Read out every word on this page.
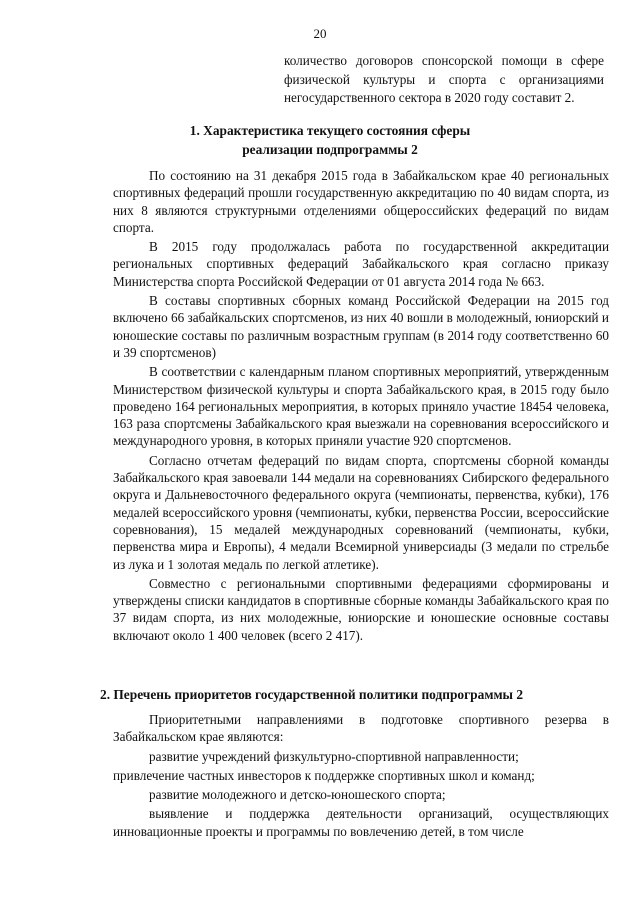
20

количество договоров спонсорской помощи в сфере физической культуры и спорта с организациями негосударственного сектора в 2020 году составит 2.

1. Характеристика текущего состояния сферы
реализации подпрограммы 2

По состоянию на 31 декабря 2015 года в Забайкальском крае 40 региональных спортивных федераций прошли государственную аккредитацию по 40 видам спорта, из них 8 являются структурными отделениями общероссийских федераций по видам спорта.

В 2015 году продолжалась работа по государственной аккредитации региональных спортивных федераций Забайкальского края согласно приказу Министерства спорта Российской Федерации от 01 августа 2014 года № 663.

В составы спортивных сборных команд Российской Федерации на 2015 год включено 66 забайкальских спортсменов, из них 40 вошли в молодежный, юниорский и юношеские составы по различным возрастным группам (в 2014 году соответственно 60 и 39 спортсменов)

В соответствии с календарным планом спортивных мероприятий, утвержденным Министерством физической культуры и спорта Забайкальского края, в 2015 году было проведено 164 региональных мероприятия, в которых приняло участие 18454 человека, 163 раза спортсмены Забайкальского края выезжали на соревнования всероссийского и международного уровня, в которых приняли участие 920 спортсменов.

Согласно отчетам федераций по видам спорта, спортсмены сборной команды Забайкальского края завоевали 144 медали на соревнованиях Сибирского федерального округа и Дальневосточного федерального округа (чемпионаты, первенства, кубки), 176 медалей всероссийского уровня (чемпионаты, кубки, первенства России, всероссийские соревнования), 15 медалей международных соревнований (чемпионаты, кубки, первенства мира и Европы), 4 медали Всемирной универсиады (3 медали по стрельбе из лука и 1 золотая медаль по легкой атлетике).

Совместно с региональными спортивными федерациями сформированы и утверждены списки кандидатов в спортивные сборные команды Забайкальского края по 37 видам спорта, из них молодежные, юниорские и юношеские основные составы включают около 1 400 человек (всего 2 417).

2. Перечень приоритетов государственной политики подпрограммы 2

Приоритетными направлениями в подготовке спортивного резерва в Забайкальском крае являются:

развитие учреждений физкультурно-спортивной направленности;

привлечение частных инвесторов к поддержке спортивных школ и команд;

развитие молодежного и детско-юношеского спорта;

выявление и поддержка деятельности организаций, осуществляющих инновационные проекты и программы по вовлечению детей, в том числе
